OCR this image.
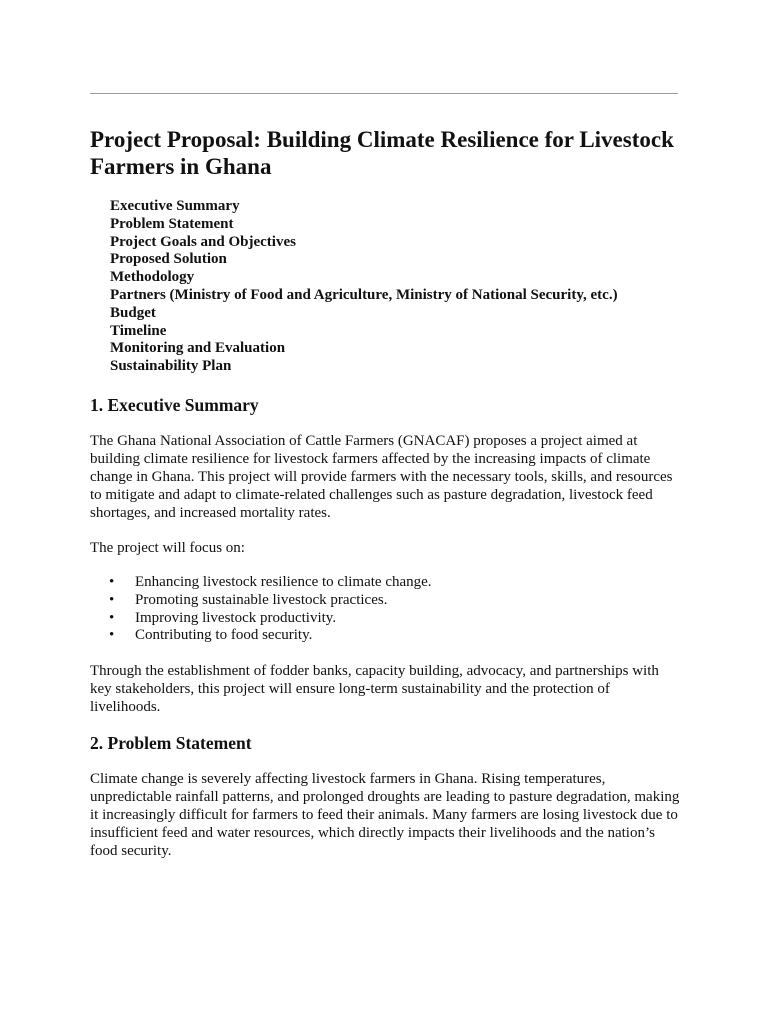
Project Proposal: Building Climate Resilience for Livestock Farmers in Ghana
Executive Summary
Problem Statement
Project Goals and Objectives
Proposed Solution
Methodology
Partners (Ministry of Food and Agriculture, Ministry of National Security, etc.)
Budget
Timeline
Monitoring and Evaluation
Sustainability Plan
1. Executive Summary

The Ghana National Association of Cattle Farmers (GNACAF) proposes a project aimed at building climate resilience for livestock farmers affected by the increasing impacts of climate change in Ghana. This project will provide farmers with the necessary tools, skills, and resources to mitigate and adapt to climate-related challenges such as pasture degradation, livestock feed shortages, and increased mortality rates.

The project will focus on:

• Enhancing livestock resilience to climate change.
• Promoting sustainable livestock practices.
• Improving livestock productivity.
• Contributing to food security.

Through the establishment of fodder banks, capacity building, advocacy, and partnerships with key stakeholders, this project will ensure long-term sustainability and the protection of livelihoods.

2. Problem Statement

Climate change is severely affecting livestock farmers in Ghana. Rising temperatures, unpredictable rainfall patterns, and prolonged droughts are leading to pasture degradation, making it increasingly difficult for farmers to feed their animals. Many farmers are losing livestock due to insufficient feed and water resources, which directly impacts their livelihoods and the nation’s food security.
